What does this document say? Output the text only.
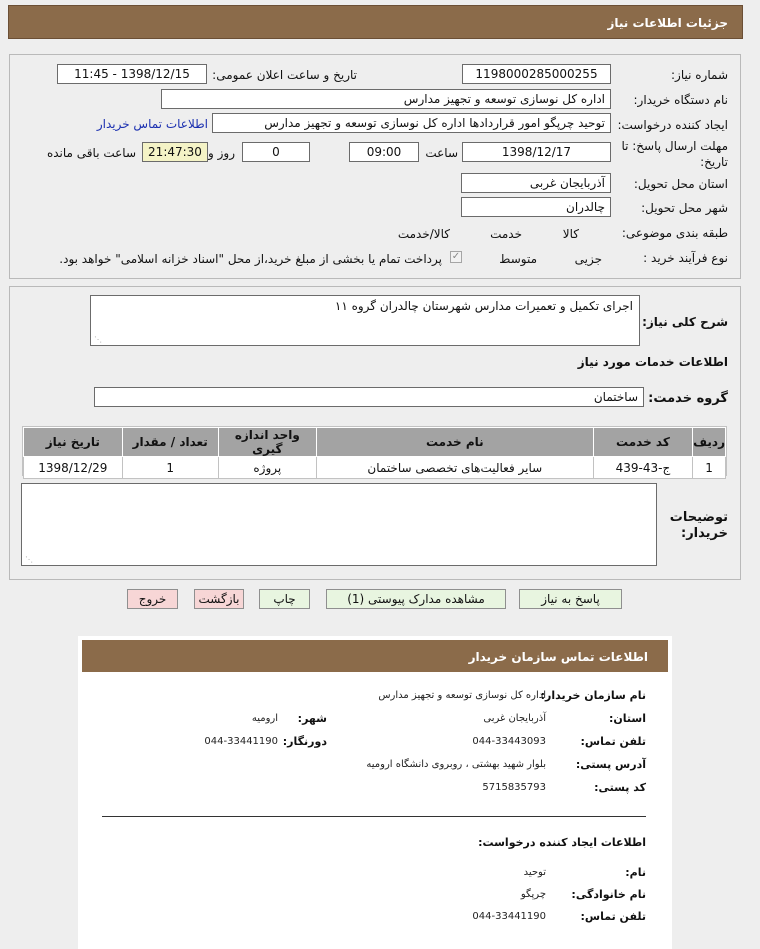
جزئیات اطلاعات نیاز
شماره نیاز:
1198000285000255
تاریخ و ساعت اعلان عمومی:
1398/12/15 - 11:45
نام دستگاه خریدار:
اداره کل نوسازی توسعه و تجهیز مدارس
ایجاد کننده درخواست:
توحید چرپگو امور قراردادها اداره کل نوسازی توسعه و تجهیز مدارس
اطلاعات تماس خریدار
مهلت ارسال پاسخ: تا
تاریخ:
1398/12/17
ساعت
09:00
0
روز و
21:47:30
ساعت باقی مانده
استان محل تحویل:
آذربایجان غربی
شهر محل تحویل:
چالدران
طبقه بندی موضوعی:

کالا

خدمت

کالا/خدمت
نوع فرآیند خرید :

جزیی
متوسط
✓
پرداخت تمام یا بخشی از مبلغ خرید،از محل "اسناد خزانه اسلامی" خواهد بود.
شرح کلی نیاز:
اجرای تکمیل و تعمیرات مدارس شهرستان چالدران گروه ۱۱
⋰
اطلاعات خدمات مورد نیاز
گروه خدمت:
ساختمان
ردیف	کد خدمت	نام خدمت	واحد اندازه گیری	تعداد / مقدار	تاریخ نیاز
1	ج-43-439	سایر فعالیت‌های تخصصی ساختمان	پروژه	1	1398/12/29
توضیحات
خریدار:
⋰
پاسخ به نیاز
مشاهده مدارک پیوستی (1)
چاپ
بازگشت
خروج
اطلاعات تماس سازمان خریدار
نام سازمان خریدار:
اداره کل نوسازی توسعه و تجهیز مدارس
استان:
آذربایجان غربی
شهر:
ارومیه
تلفن تماس:
044-33443093
دورنگار:
044-33441190
آدرس پستی:
بلوار شهید بهشتی ، روبروی دانشگاه ارومیه
کد پستی:
5715835793
اطلاعات ایجاد کننده درخواست:
نام:
توحید
نام خانوادگی:
چرپگو
تلفن تماس:
044-33441190
